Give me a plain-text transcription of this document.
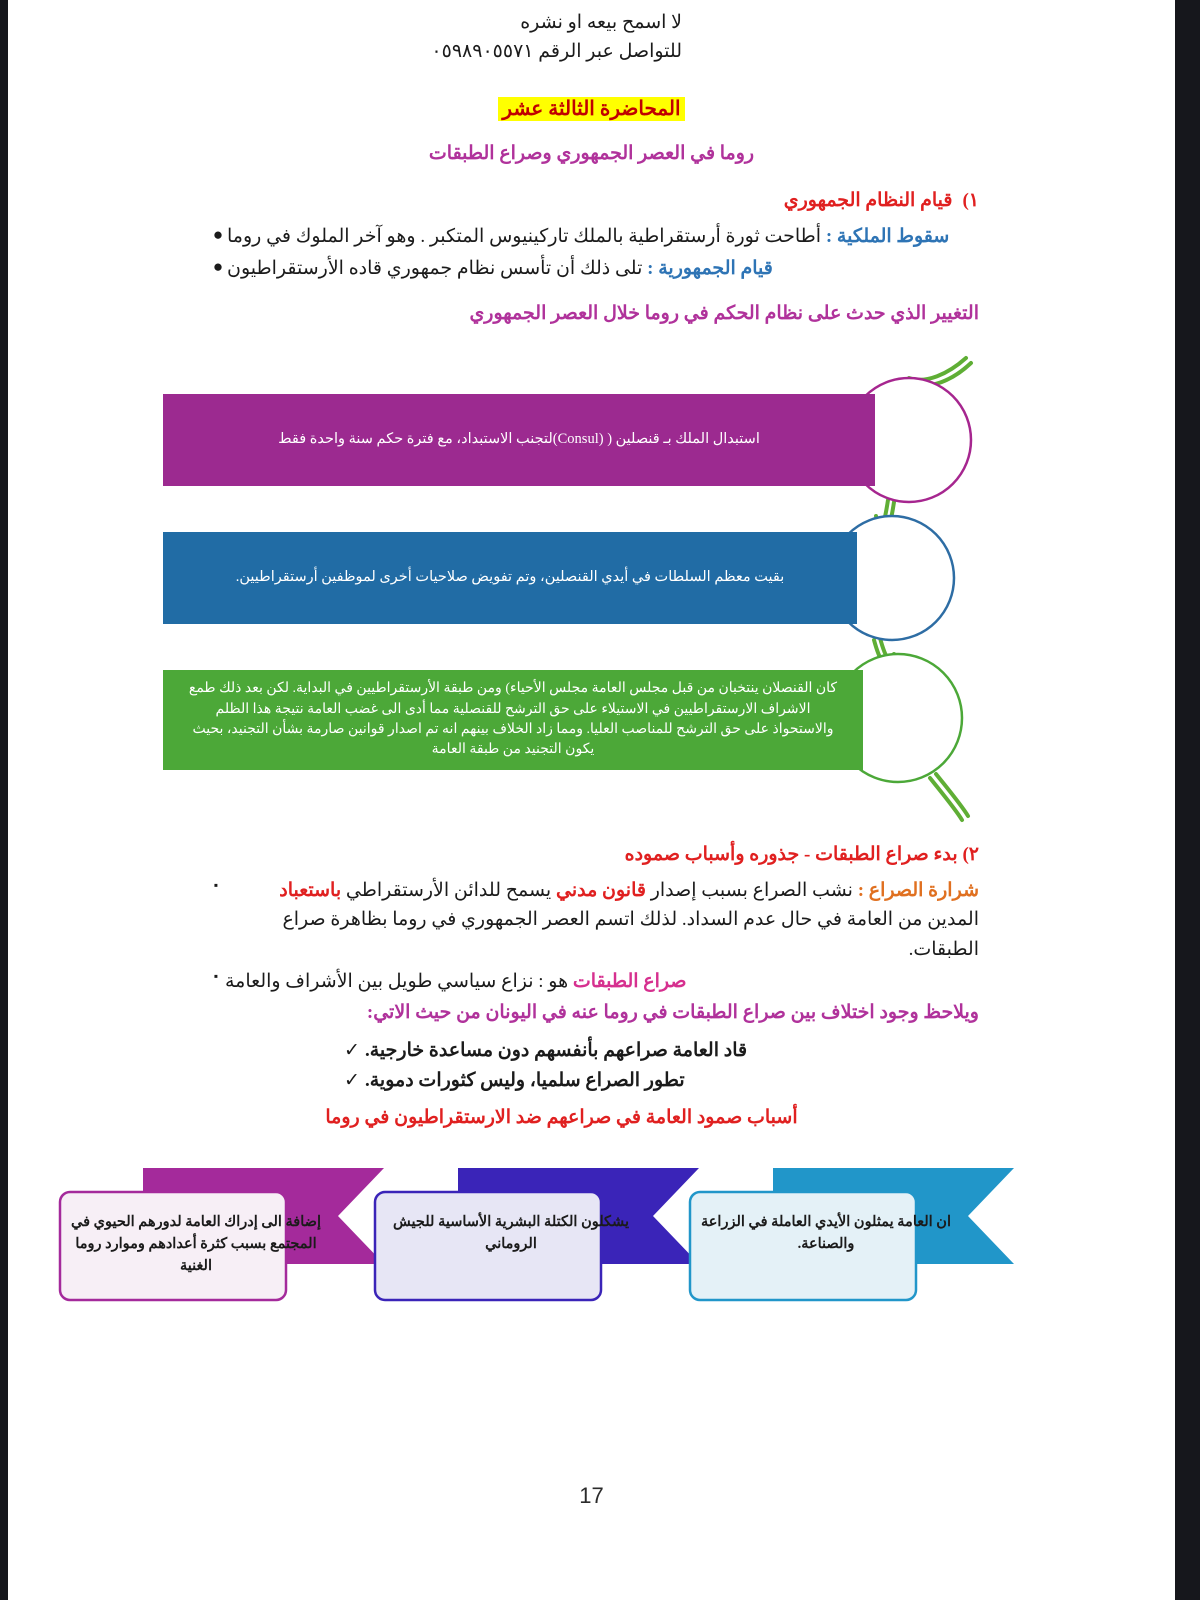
لا اسمح بيعه او نشره
للتواصل عبر الرقم ٠٥٩٨٩٠٥٥٧١
المحاضرة الثالثة عشر
روما في العصر الجمهوري وصراع الطبقات
١)قيام النظام الجمهوري
سقوط الملكية : أطاحت ثورة أرستقراطية بالملك تاركينيوس المتكبر . وهو آخر الملوك في روما
●
قيام الجمهورية : تلى ذلك أن تأسس نظام جمهوري قاده الأرستقراطيون
●
التغيير الذي حدث على نظام الحكم في روما خلال العصر الجمهوري
استبدال الملك بـ قنصلين ( (Consul)لتجنب الاستبداد، مع فترة حكم سنة واحدة فقط
بقيت معظم السلطات في أيدي القنصلين، وتم تفويض صلاحيات أخرى لموظفين أرستقراطيين.
كان القنصلان ينتخبان من قبل مجلس العامة مجلس الأحياء) ومن طبقة الأرستقراطيين في البداية. لكن بعد ذلك طمع الاشراف الارستقراطيين في الاستيلاء على حق الترشح للقنصلية مما أدى الى غضب العامة نتيجة هذا الظلم والاستحواذ على حق الترشح للمناصب العليا. ومما زاد الخلاف بينهم انه تم اصدار قوانين صارمة بشأن التجنيد، بحيث يكون التجنيد من طبقة العامة
٢) بدء صراع الطبقات - جذوره وأسباب صموده
شرارة الصراع : نشب الصراع بسبب إصدار قانون مدني يسمح للدائن الأرستقراطي باستعباد المدين من العامة في حال عدم السداد. لذلك اتسم العصر الجمهوري في روما بظاهرة صراع الطبقات.
▪
صراع الطبقات هو : نزاع سياسي طويل بين الأشراف والعامة
▪
ويلاحظ وجود اختلاف بين صراع الطبقات في روما عنه في اليونان من حيث الاتي:
قاد العامة صراعهم بأنفسهم دون مساعدة خارجية.
✓
تطور الصراع سلميا، وليس كثورات دموية.
✓
أسباب صمود العامة في صراعهم ضد الارستقراطيون في روما
إضافة الى إدراك العامة لدورهم الحيوي في المجتمع بسبب كثرة أعدادهم وموارد روما الغنية
يشكلون الكتلة البشرية الأساسية للجيش الروماني
ان العامة يمثلون الأيدي العاملة في الزراعة والصناعة.
17
